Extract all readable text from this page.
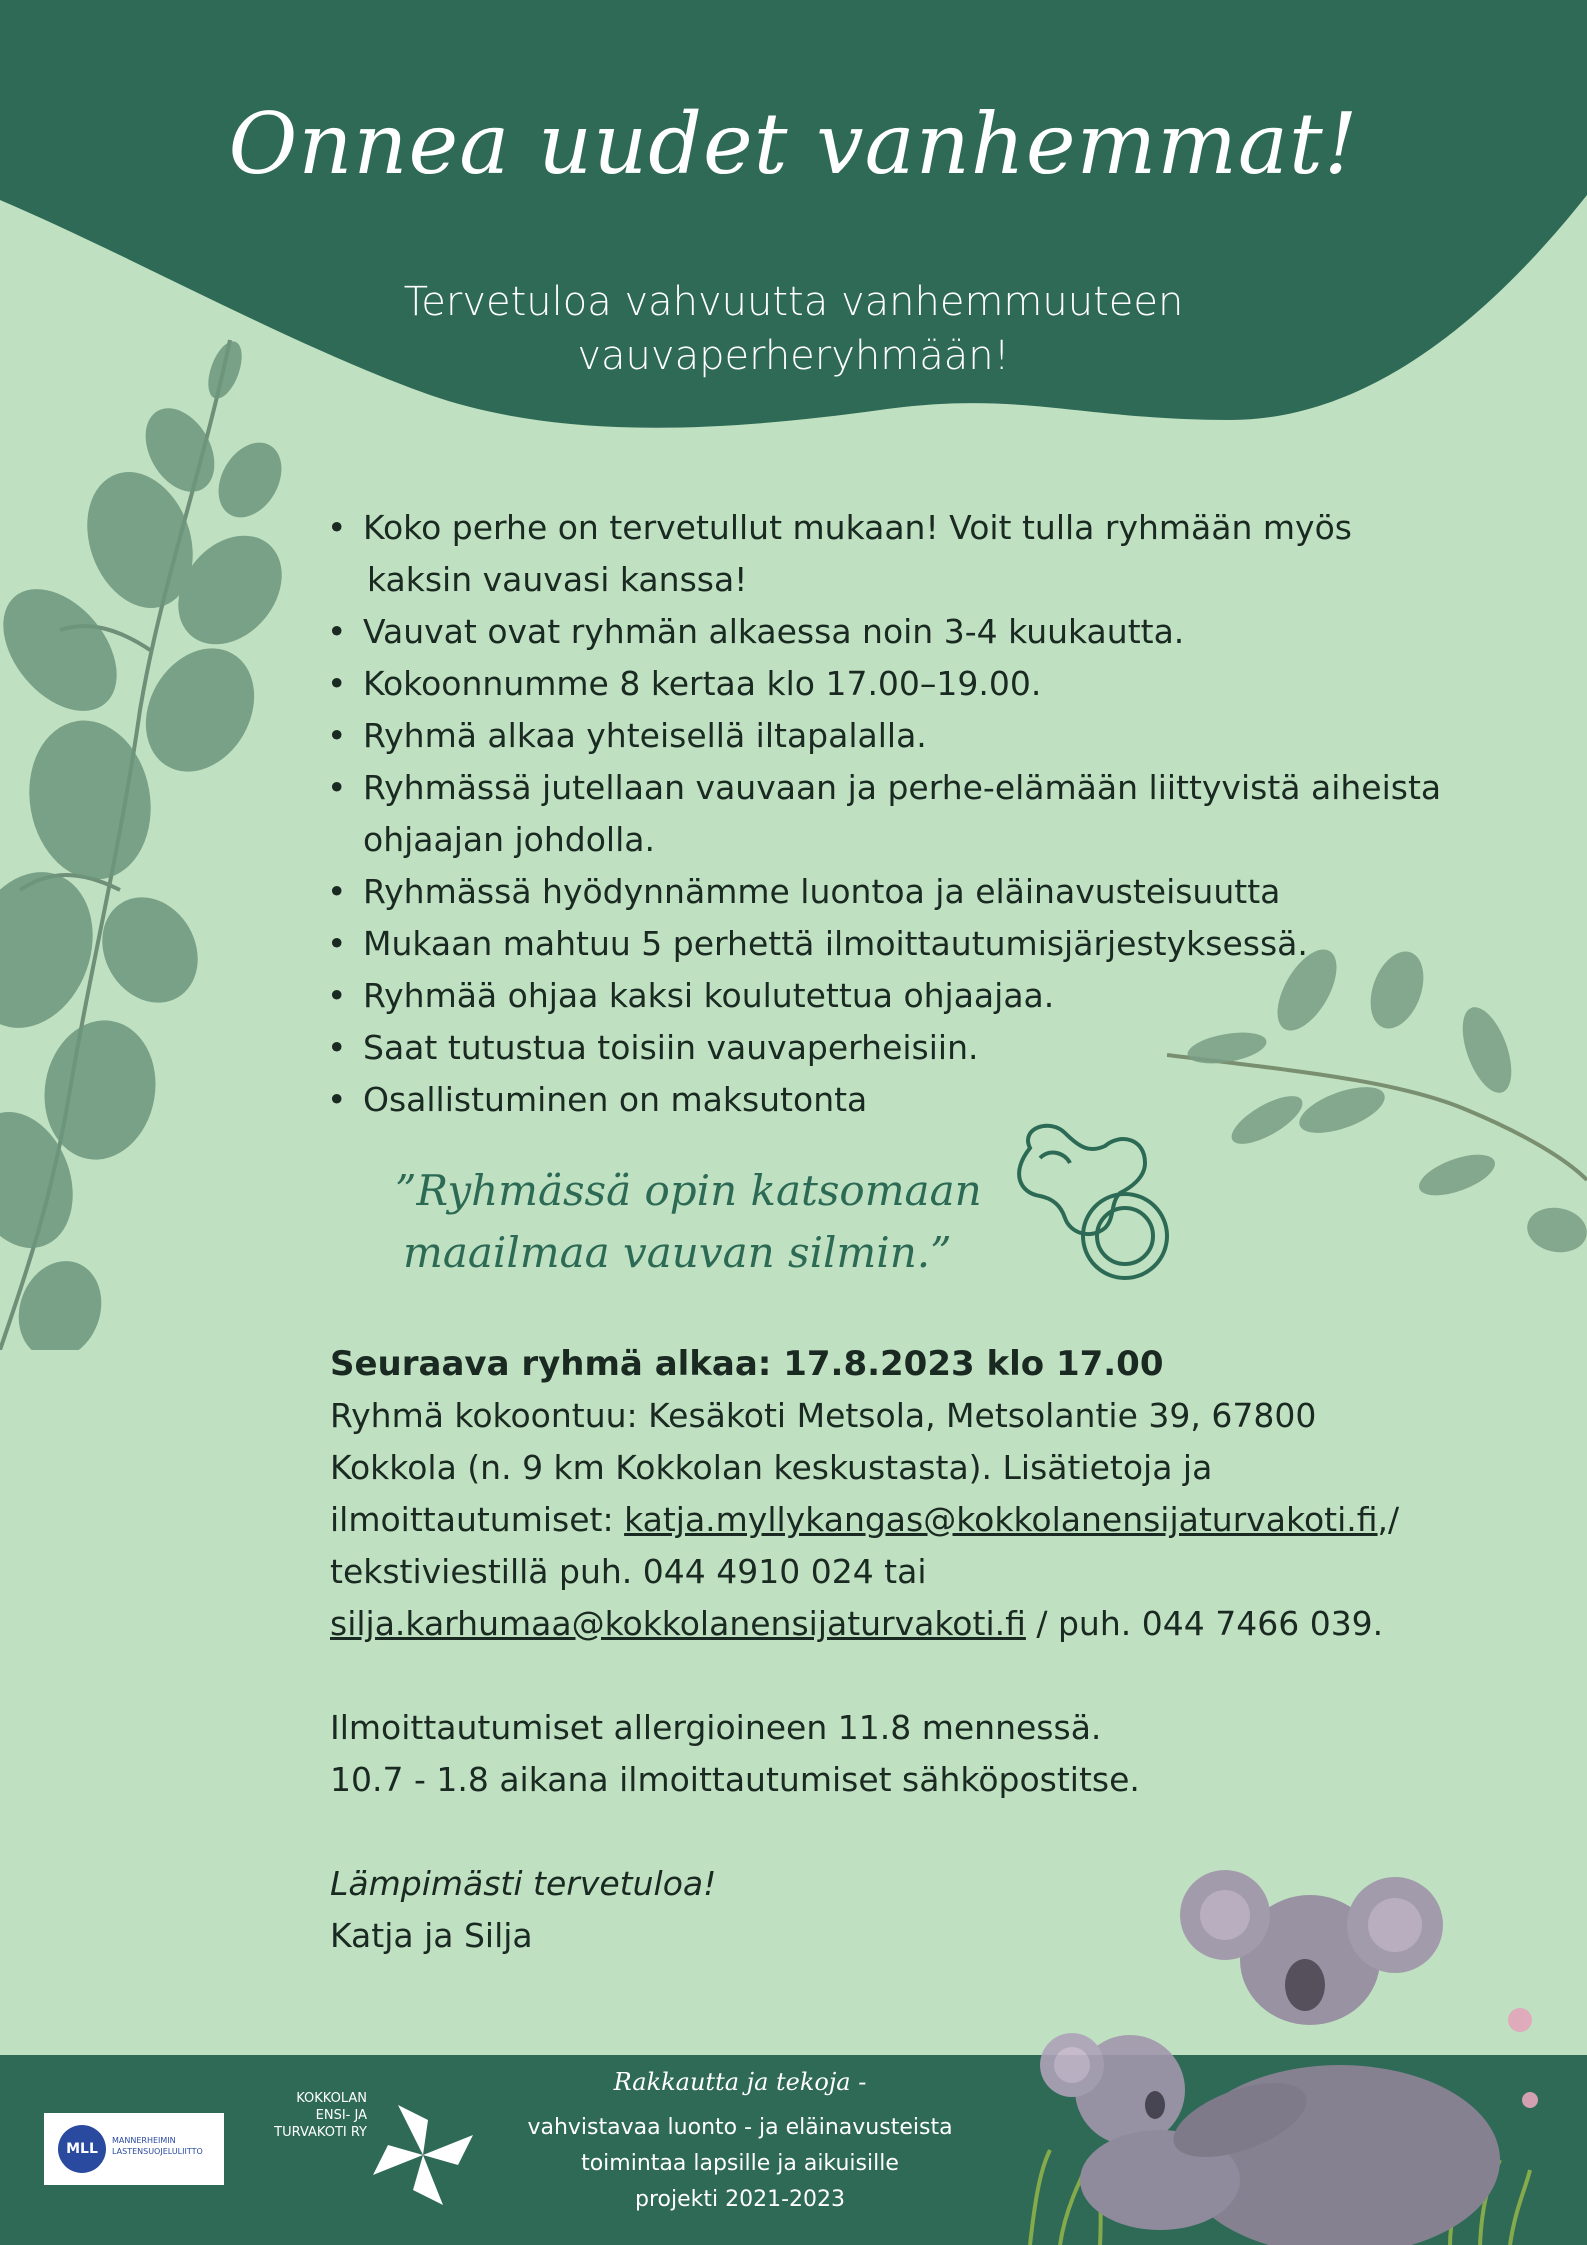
Onnea uudet vanhemmat!
Tervetuloa vahvuutta vanhemmuuteen
vauvaperheryhmään!
• Koko perhe on tervetullut mukaan! Voit tulla ryhmään myös
kaksin vauvasi kanssa!
• Vauvat ovat ryhmän alkaessa noin 3-4 kuukautta.
• Kokoonnumme 8 kertaa klo 17.00–19.00.
• Ryhmä alkaa yhteisellä iltapalalla.
• Ryhmässä jutellaan vauvaan ja perhe-elämään liittyvistä aiheista
ohjaajan johdolla.
• Ryhmässä hyödynnämme luontoa ja eläinavusteisuutta
• Mukaan mahtuu 5 perhettä ilmoittautumisjärjestyksessä.
• Ryhmää ohjaa kaksi koulutettua ohjaajaa.
• Saat tutustua toisiin vauvaperheisiin.
• Osallistuminen on maksutonta
”Ryhmässä opin katsomaan
maailmaa vauvan silmin.”
Seuraava ryhmä alkaa: 17.8.2023 klo 17.00
Ryhmä kokoontuu: Kesäkoti Metsola, Metsolantie 39, 67800
Kokkola (n. 9 km Kokkolan keskustasta). Lisätietoja ja
ilmoittautumiset: katja.myllykangas@kokkolanensijaturvakoti.fi,/
tekstiviestillä puh. 044 4910 024 tai
silja.karhumaa@kokkolanensijaturvakoti.fi / puh. 044 7466 039.
Ilmoittautumiset allergioineen 11.8 mennessä.
10.7 - 1.8 aikana ilmoittautumiset sähköpostitse.
Lämpimästi tervetuloa!
Katja ja Silja
MLL
MANNERHEIMIN LASTENSUOJELULIITTO
KOKKOLAN
ENSI- JA
TURVAKOTI RY
Rakkautta ja tekoja -
vahvistavaa luonto - ja eläinavusteista
toimintaa lapsille ja aikuisille
projekti 2021-2023
